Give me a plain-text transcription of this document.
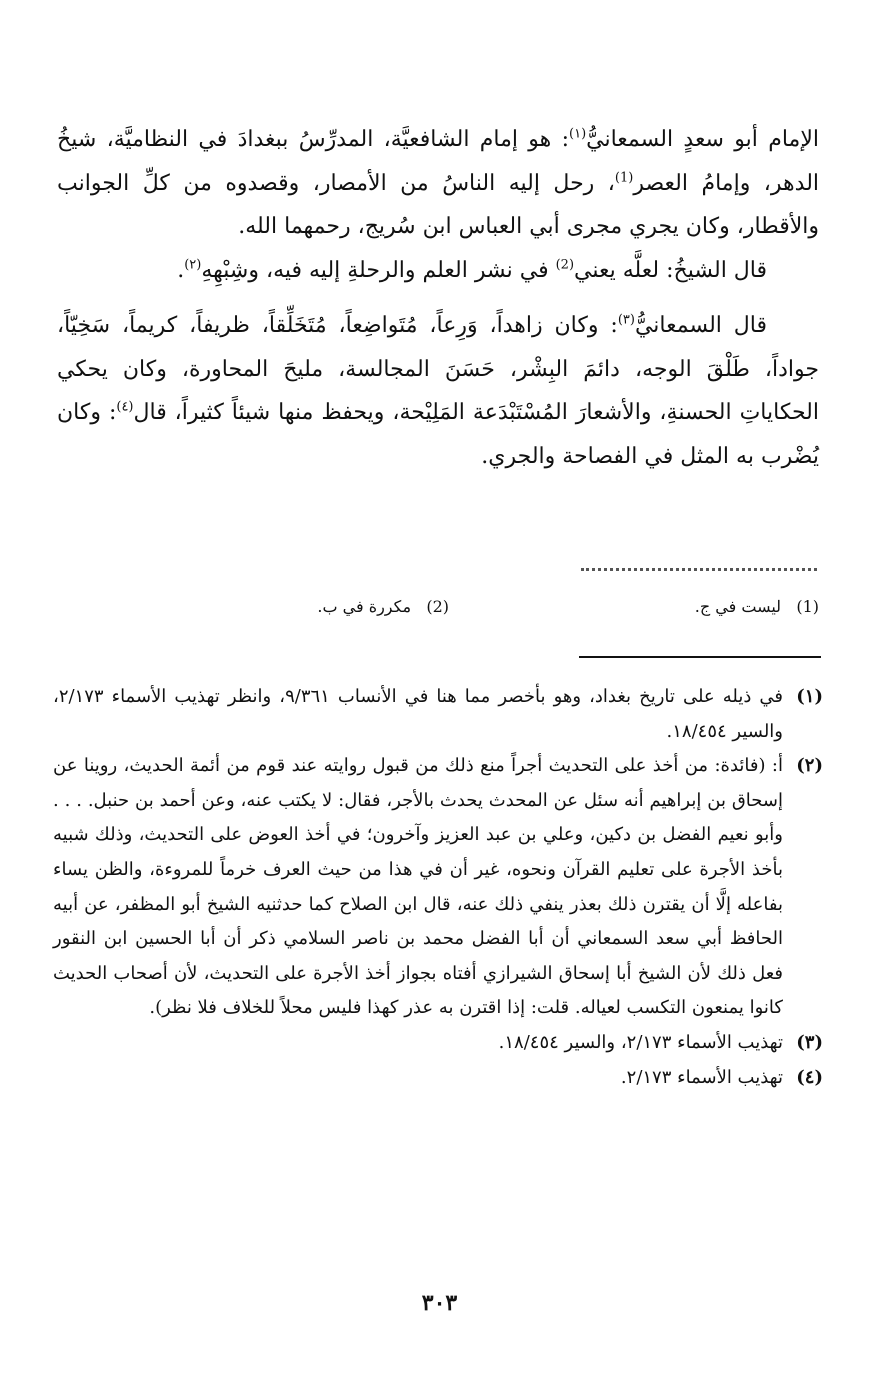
الإمام أبو سعدٍ السمعانيُّ$^{(١)}$: هو إمام الشافعيَّة، المدرِّسُ ببغدادَ في النظاميَّة، شيخُ الدهر، وإمامُ العصر$^{(1)}$، رحل إليه الناسُ من الأمصار، وقصدوه من كلِّ الجوانب والأقطار، وكان يجري مجرى أبي العباس ابن سُريج، رحمهما الله.

قال الشيخُ: لعلَّه يعني$^{(2)}$ في نشر العلم والرحلةِ إليه فيه، وشِبْهِهِ$^{(٢)}$.

قال السمعانيُّ$^{(٣)}$: وكان زاهداً، وَرِعاً، مُتَواضِعاً، مُتَخَلِّقاً، ظريفاً، كريماً، سَخِيّاً، جواداً، طَلْقَ الوجه، دائمَ البِشْر، حَسَنَ المجالسة، مليحَ المحاورة، وكان يحكي الحكاياتِ الحسنةِ، والأشعارَ المُسْتَبْدَعة المَلِيْحة، ويحفظ منها شيئاً كثيراً، قال$^{(٤)}$: وكان يُضْرب به المثل في الفصاحة والجري.

(1)   ليست في ج.
(2)   مكررة في ب.
(١)
في ذيله على تاريخ بغداد، وهو بأخصر مما هنا في الأنساب ٩/٣٦١، وانظر تهذيب الأسماء ٢/١٧٣، والسير ١٨/٤٥٤.
(٢)
أ: (فائدة: من أخذ على التحديث أجراً منع ذلك من قبول روايته عند قوم من أئمة الحديث، روينا عن إسحاق بن إبراهيم أنه سئل عن المحدث يحدث بالأجر، فقال: لا يكتب عنه، وعن أحمد بن حنبل. . . . وأبو نعيم الفضل بن دكين، وعلي بن عبد العزيز وآخرون؛ في أخذ العوض على التحديث، وذلك شبيه بأخذ الأجرة على تعليم القرآن ونحوه، غير أن في هذا من حيث العرف خرماً للمروءة، والظن يساء بفاعله إلَّا أن يقترن ذلك بعذر ينفي ذلك عنه، قال ابن الصلاح كما حدثنيه الشيخ أبو المظفر، عن أبيه الحافظ أبي سعد السمعاني أن أبا الفضل محمد بن ناصر السلامي ذكر أن أبا الحسين ابن النقور فعل ذلك لأن الشيخ أبا إسحاق الشيرازي أفتاه بجواز أخذ الأجرة على التحديث، لأن أصحاب الحديث كانوا يمنعون التكسب لعياله. قلت: إذا اقترن به عذر كهذا فليس محلاً للخلاف فلا نظر).
(٣)
تهذيب الأسماء ٢/١٧٣، والسير ١٨/٤٥٤.
(٤)
تهذيب الأسماء ٢/١٧٣.
٣٠٣
